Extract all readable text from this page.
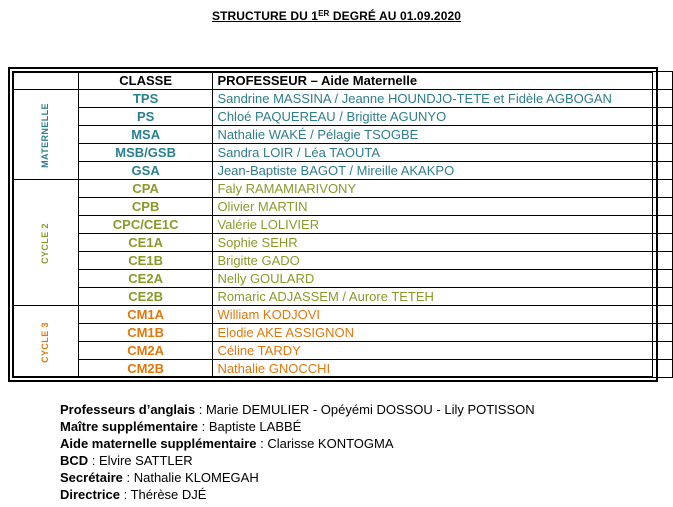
STRUCTURE DU 1ER DEGRÉ AU 01.09.2020
	CLASSE	PROFESSEUR – Aide Maternelle
MATERNELLE	TPS	Sandrine MASSINA / Jeanne HOUNDJO-TETE et Fidèle AGBOGAN
	PS	Chloé PAQUEREAU / Brigitte AGUNYO
	MSA	Nathalie WAKÉ / Pélagie TSOGBE
	MSB/GSB	Sandra LOIR / Léa TAOUTA
	GSA	Jean-Baptiste BAGOT / Mireille AKAKPO
CYCLE 2	CPA	Faly RAMAMIARIVONY
	CPB	Olivier MARTIN
	CPC/CE1C	Valérie LOLIVIER
	CE1A	Sophie SEHR
	CE1B	Brigitte GADO
	CE2A	Nelly GOULARD
	CE2B	Romaric ADJASSEM / Aurore TETEH
CYCLE 3	CM1A	William KODJOVI
	CM1B	Elodie AKE ASSIGNON
	CM2A	Céline TARDY
	CM2B	Nathalie GNOCCHI
Professeurs d’anglais : Marie DEMULIER - Opéyémi DOSSOU - Lily POTISSON
Maître supplémentaire : Baptiste LABBÉ
Aide maternelle supplémentaire : Clarisse KONTOGMA
BCD : Elvire SATTLER
Secrétaire : Nathalie KLOMEGAH
Directrice : Thérèse DJÉ
